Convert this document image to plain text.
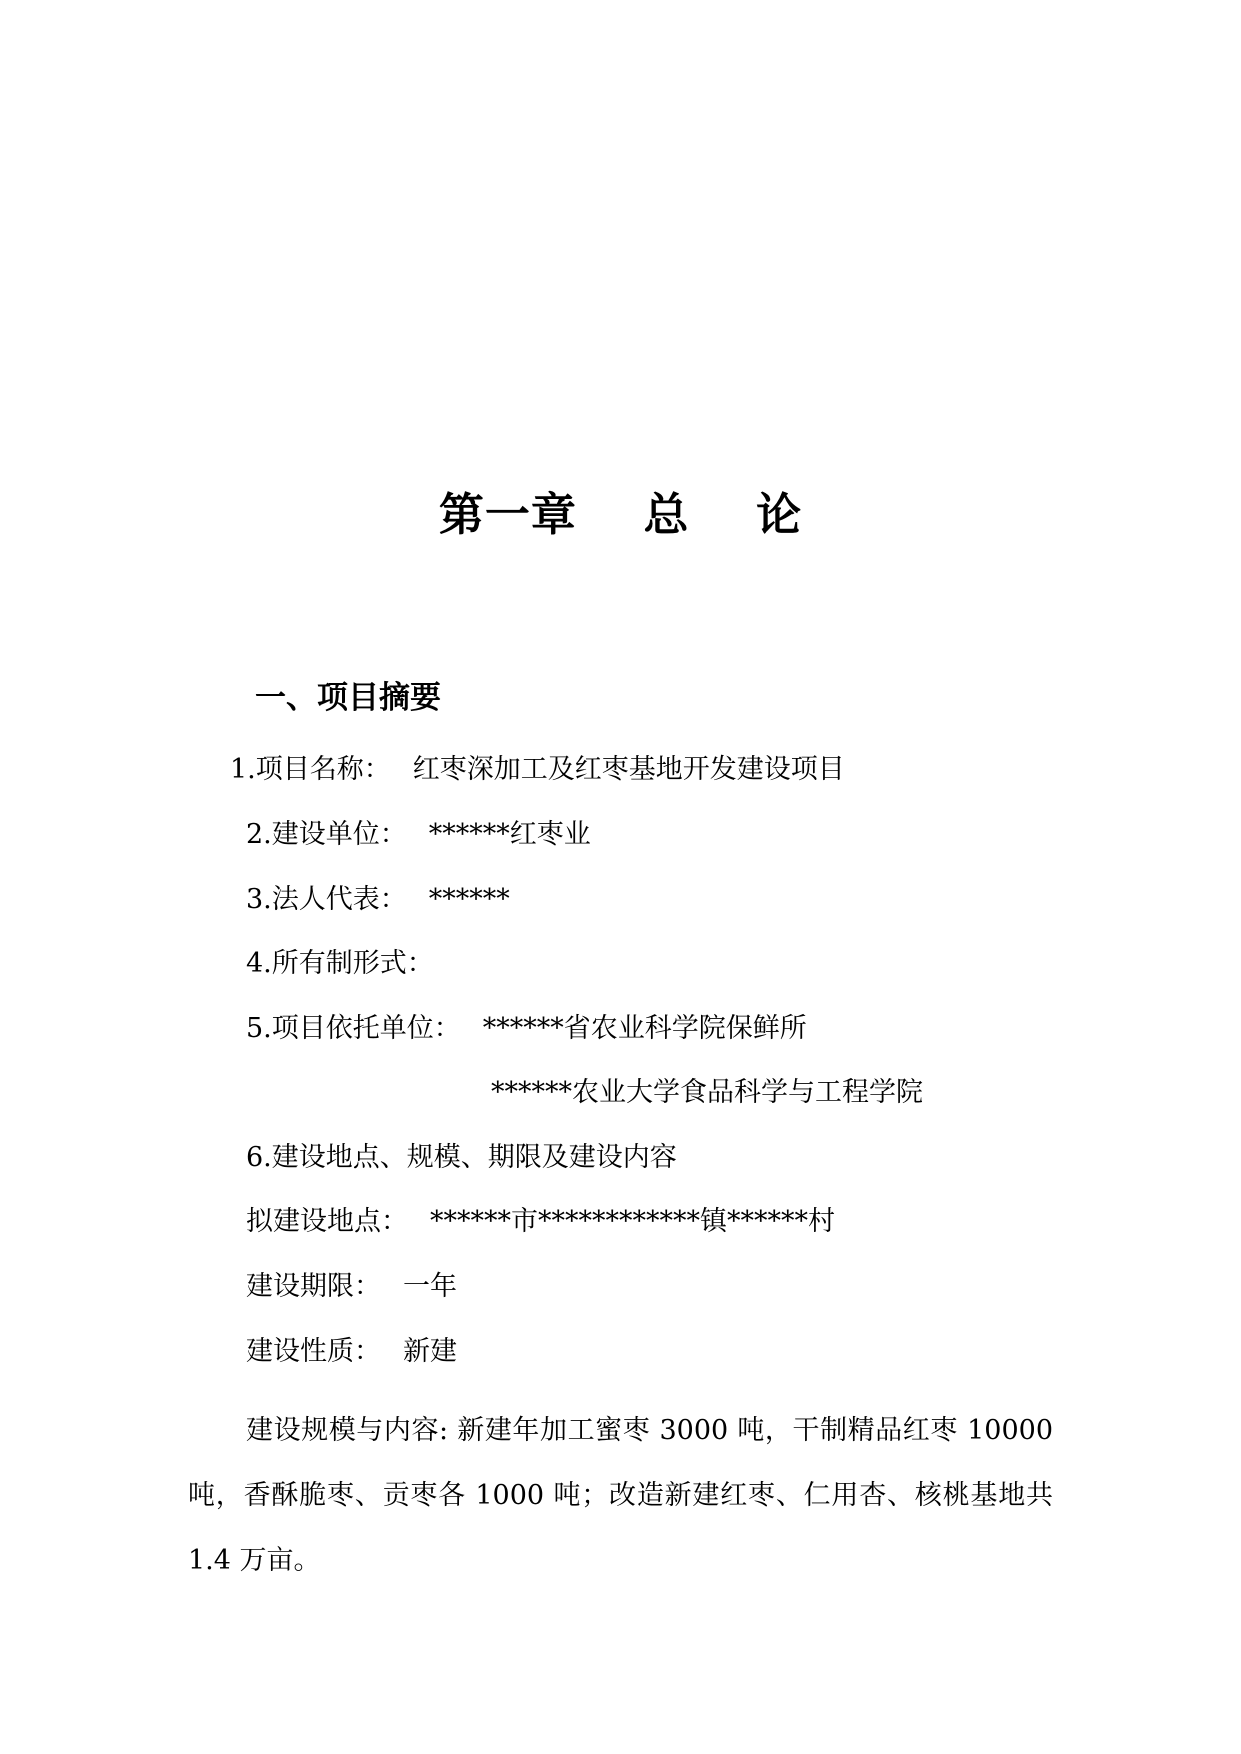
第一章    总    论
一、项目摘要
1.项目名称： 红枣深加工及红枣基地开发建设项目
2.建设单位： ******红枣业
3.法人代表： ******
4.所有制形式：
5.项目依托单位： ******省农业科学院保鲜所
******农业大学食品科学与工程学院
6.建设地点、规模、期限及建设内容
拟建设地点： ******市************镇******村
建设期限： 一年
建设性质： 新建
建设规模与内容: 新建年加工蜜枣 3000 吨，干制精品红枣 10000 吨，香酥脆枣、贡枣各 1000 吨；改造新建红枣、仁用杏、核桃基地共 1.4 万亩。
